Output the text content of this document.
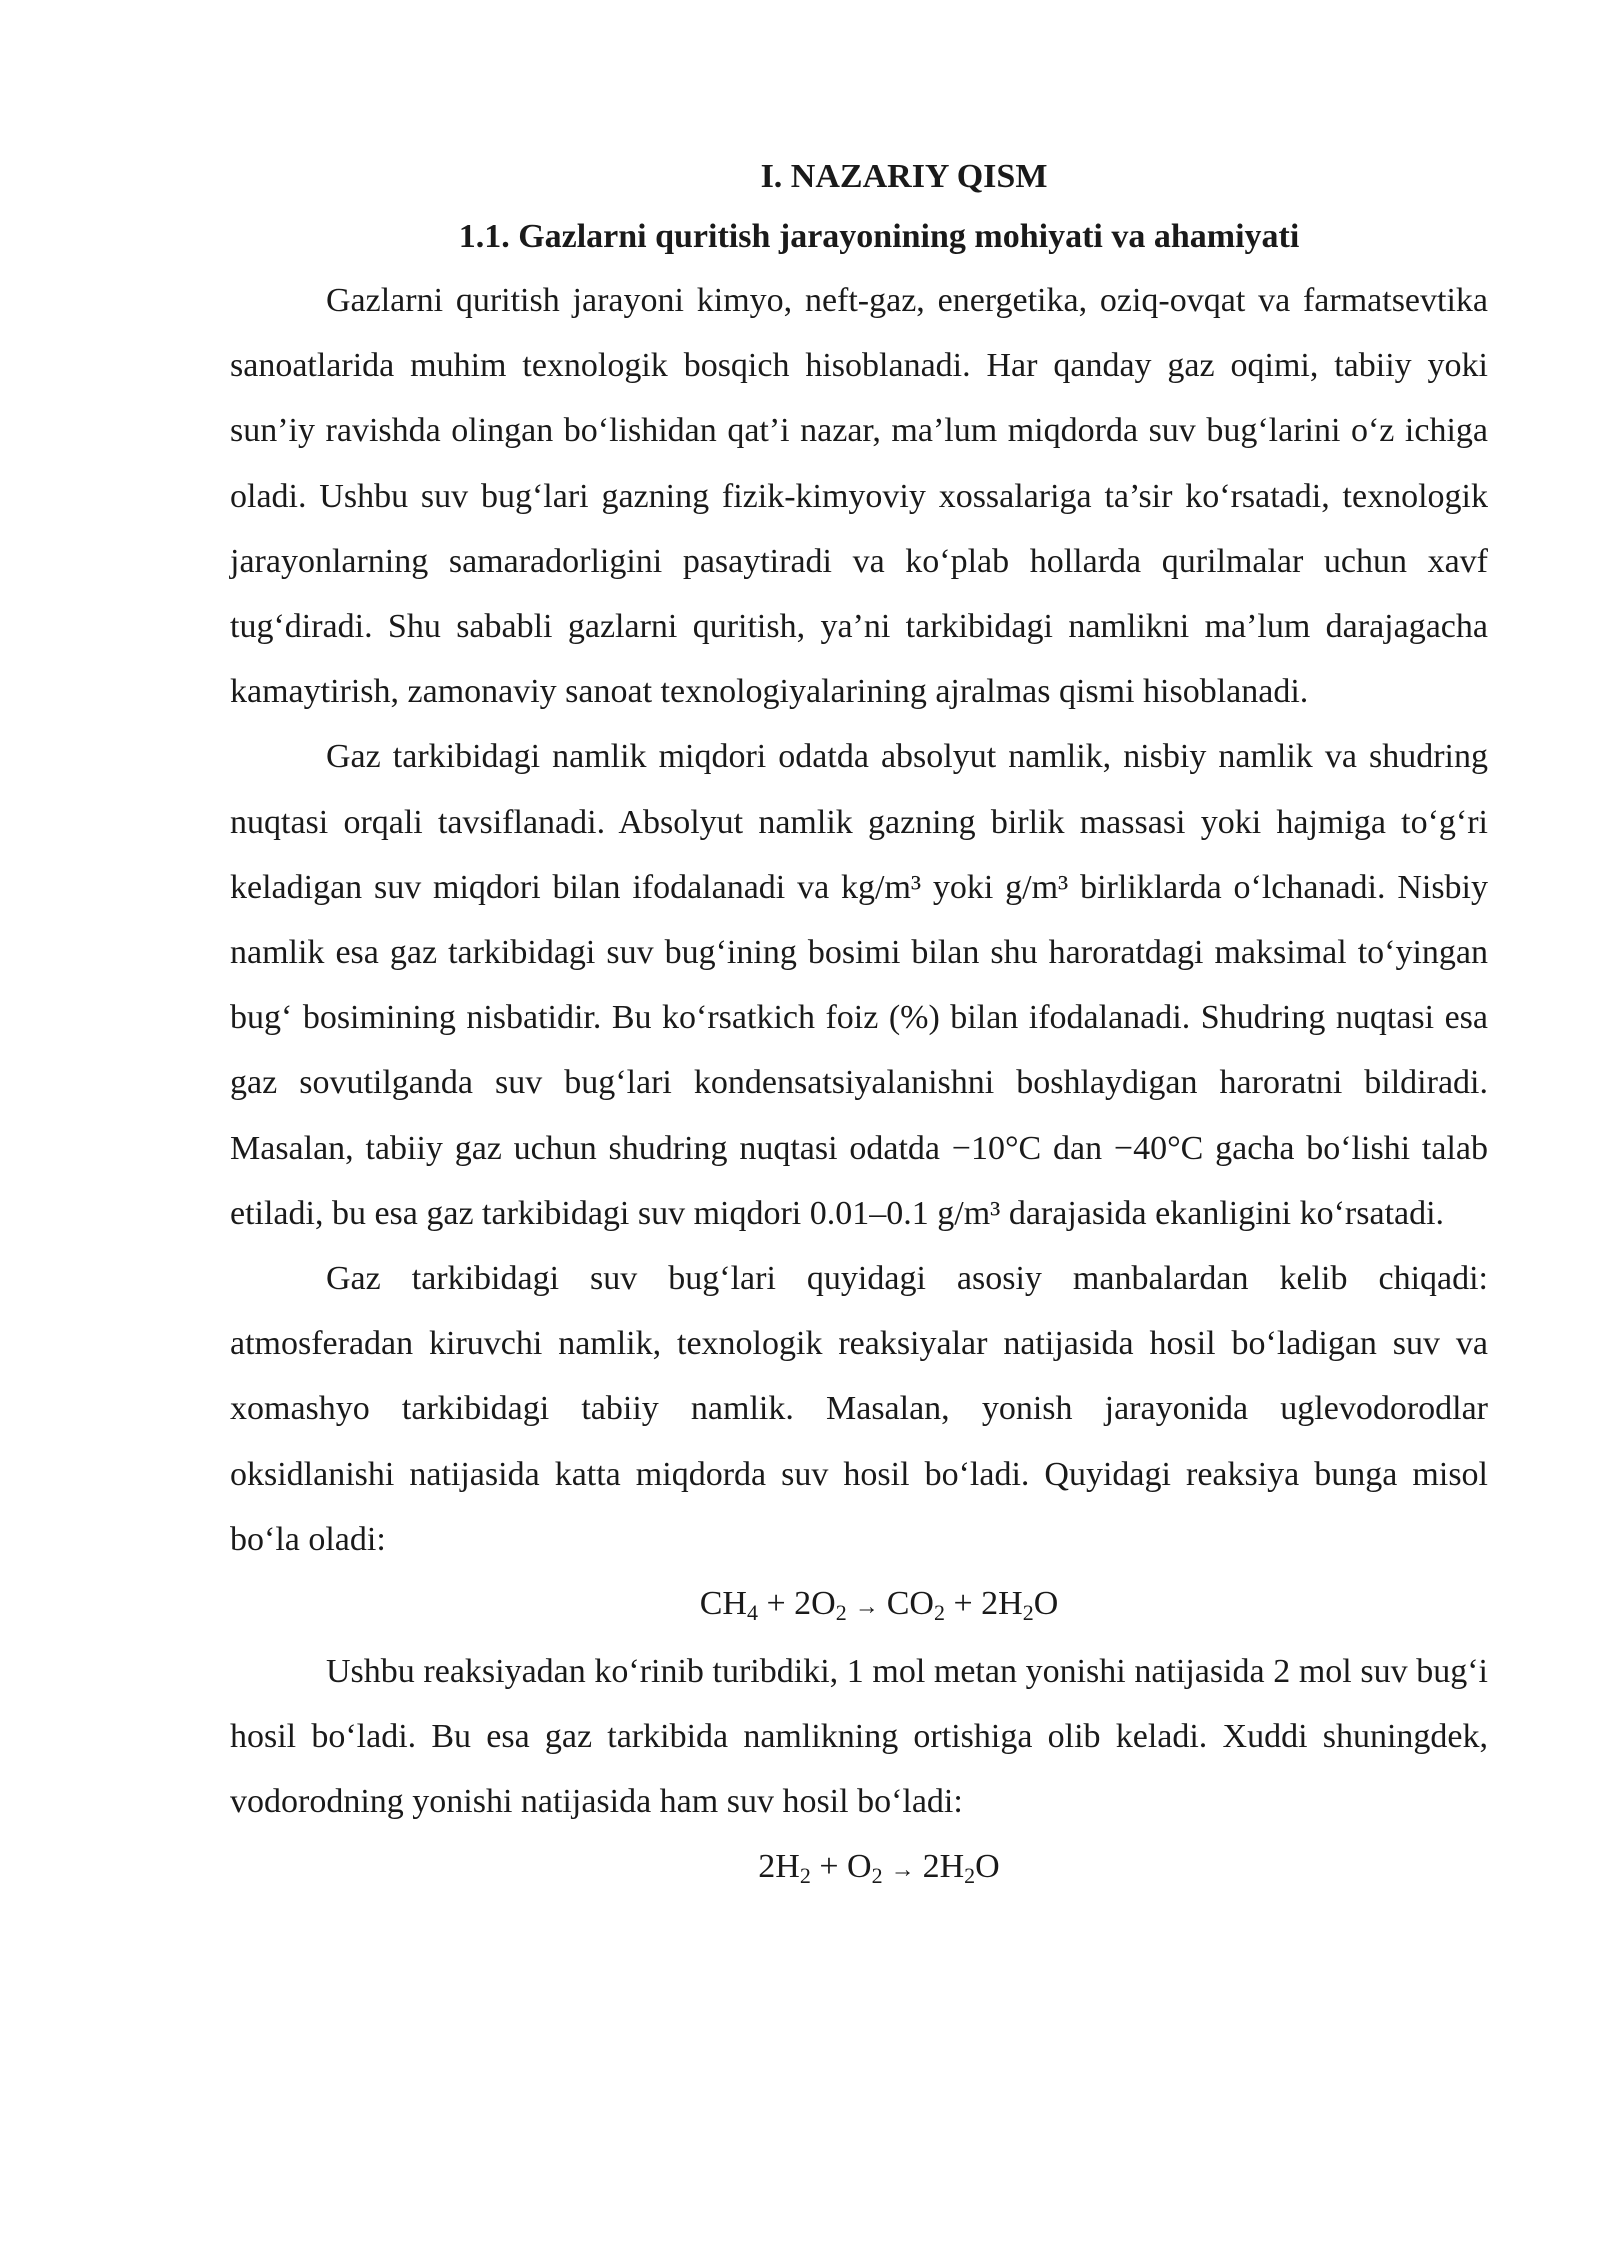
I. NAZARIY QISM

1.1. Gazlarni quritish jarayonining mohiyati va ahamiyati

Gazlarni quritish jarayoni kimyo, neft-gaz, energetika, oziq-ovqat va farmatsevtika sanoatlarida muhim texnologik bosqich hisoblanadi. Har qanday gaz oqimi, tabiiy yoki sun’iy ravishda olingan bo‘lishidan qat’i nazar, ma’lum miqdorda suv bug‘larini o‘z ichiga oladi. Ushbu suv bug‘lari gazning fizik-kimyoviy xossalariga ta’sir ko‘rsatadi, texnologik jarayonlarning samaradorligini pasaytiradi va ko‘plab hollarda qurilmalar uchun xavf tug‘diradi. Shu sababli gazlarni quritish, ya’ni tarkibidagi namlikni ma’lum darajagacha kamaytirish, zamonaviy sanoat texnologiyalarining ajralmas qismi hisoblanadi.

Gaz tarkibidagi namlik miqdori odatda absolyut namlik, nisbiy namlik va shudring nuqtasi orqali tavsiflanadi. Absolyut namlik gazning birlik massasi yoki hajmiga to‘g‘ri keladigan suv miqdori bilan ifodalanadi va kg/m³ yoki g/m³ birliklarda o‘lchanadi. Nisbiy namlik esa gaz tarkibidagi suv bug‘ining bosimi bilan shu haroratdagi maksimal to‘yingan bug‘ bosimining nisbatidir. Bu ko‘rsatkich foiz (%) bilan ifodalanadi. Shudring nuqtasi esa gaz sovutilganda suv bug‘lari kondensatsiyalanishni boshlaydigan haroratni bildiradi. Masalan, tabiiy gaz uchun shudring nuqtasi odatda −10°C dan −40°C gacha bo‘lishi talab etiladi, bu esa gaz tarkibidagi suv miqdori 0.01–0.1 g/m³ darajasida ekanligini ko‘rsatadi.

Gaz tarkibidagi suv bug‘lari quyidagi asosiy manbalardan kelib chiqadi: atmosferadan kiruvchi namlik, texnologik reaksiyalar natijasida hosil bo‘ladigan suv va xomashyo tarkibidagi tabiiy namlik. Masalan, yonish jarayonida uglevodorodlar oksidlanishi natijasida katta miqdorda suv hosil bo‘ladi. Quyidagi reaksiya bunga misol bo‘la oladi:

$CH_4 + 2O_2 \to CO_2 + 2H_2O$

Ushbu reaksiyadan ko‘rinib turibdiki, 1 mol metan yonishi natijasida 2 mol suv bug‘i hosil bo‘ladi. Bu esa gaz tarkibida namlikning ortishiga olib keladi. Xuddi shuningdek, vodorodning yonishi natijasida ham suv hosil bo‘ladi:

$2H_2 + O_2 \to 2H_2O$
